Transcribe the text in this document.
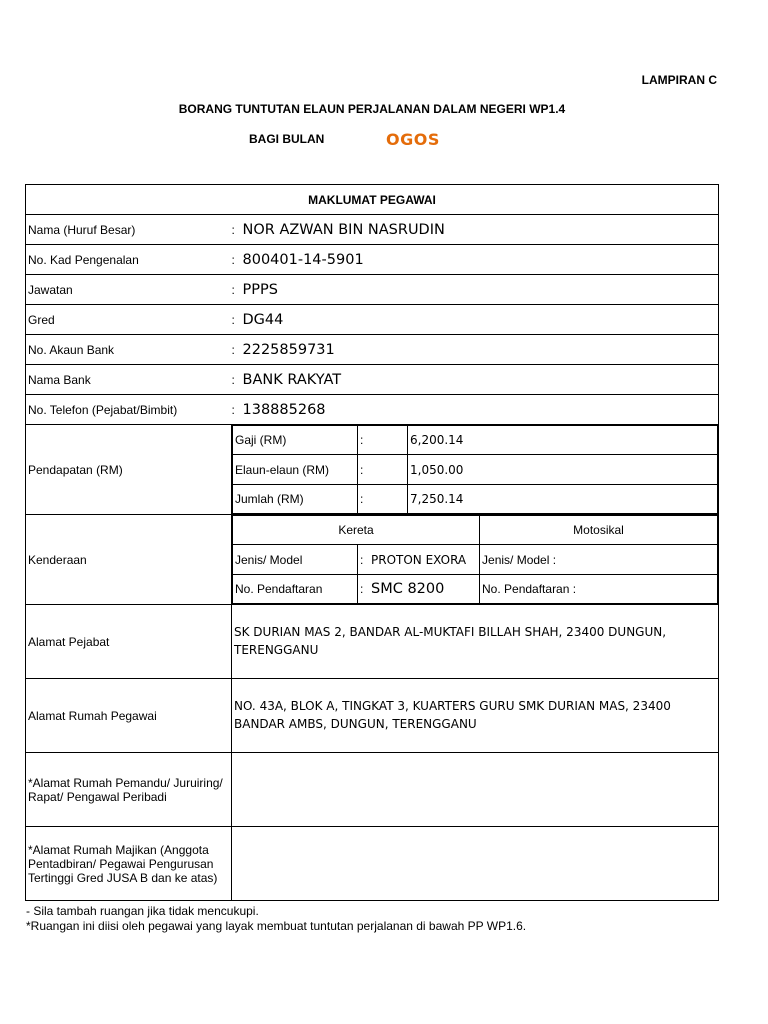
LAMPIRAN C
BORANG TUNTUTAN ELAUN PERJALANAN DALAM NEGERI WP1.4
BAGI BULAN	OGOS
MAKLUMAT PEGAWAI
Nama (Huruf Besar)	: NOR AZWAN BIN NASRUDIN
No. Kad Pengenalan	: 800401-14-5901
Jawatan	: PPPS
Gred	: DG44
No. Akaun Bank	: 2225859731
Nama Bank	: BANK RAKYAT
No. Telefon (Pejabat/Bimbit)	: 138885268
Pendapatan (RM)	
Gaji (RM)	:	6,200.14
Elaun-elaun (RM)	:	1,050.00
Jumlah (RM)	:	7,250.14

Kenderaan	
Kereta	Motosikal
Jenis/ Model	: PROTON EXORA	Jenis/ Model :
No. Pendaftaran	: SMC 8200	No. Pendaftaran :

Alamat Pejabat	SK DURIAN MAS 2, BANDAR AL-MUKTAFI BILLAH SHAH, 23400 DUNGUN, TERENGGANU
Alamat Rumah Pegawai	NO. 43A, BLOK A, TINGKAT 3, KUARTERS GURU SMK DURIAN MAS, 23400 BANDAR AMBS, DUNGUN, TERENGGANU
*Alamat Rumah Pemandu/ Juruiring/ Rapat/ Pengawal Peribadi	
*Alamat Rumah Majikan (Anggota Pentadbiran/ Pegawai Pengurusan Tertinggi Gred JUSA B dan ke atas)	
- Sila tambah ruangan jika tidak mencukupi.
*Ruangan ini diisi oleh pegawai yang layak membuat tuntutan perjalanan di bawah PP WP1.6.
